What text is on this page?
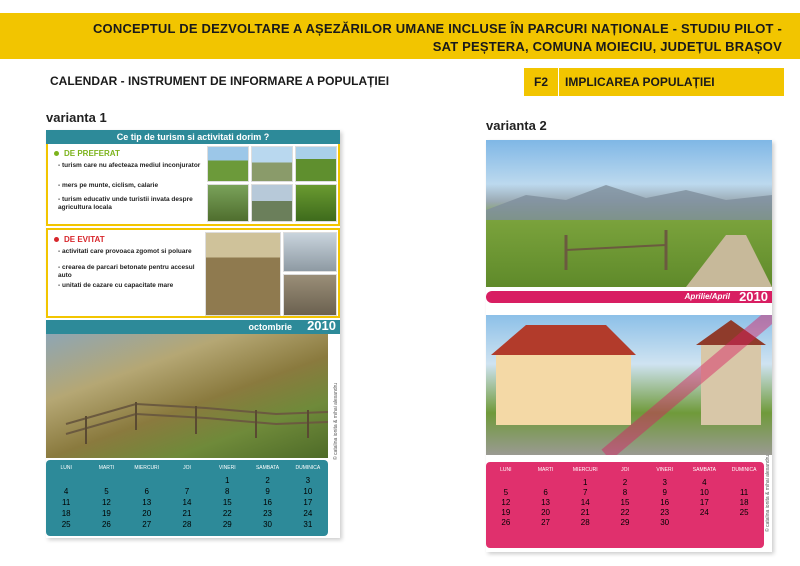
CONCEPTUL DE DEZVOLTARE A AȘEZĂRILOR UMANE INCLUSE ÎN PARCURI NAȚIONALE - STUDIU PILOT -
SAT PEȘTERA, COMUNA MOIECIU, JUDEȚUL BRAȘOV
CALENDAR - INSTRUMENT DE INFORMARE A POPULAȚIEI	F2	IMPLICAREA POPULAȚIEI
varianta 1
Ce tip de turism si activitati dorim ?
DE PREFERAT
- turism care nu afecteaza mediul inconjurator
- mers pe munte, ciclism, calarie
- turism educativ unde turistii invata despre agricultura locala
DE EVITAT
- activitati care provoaca zgomot si poluare
- crearea de parcari betonate pentru accesul auto
- unitati de cazare cu capacitate mare
octombrie 2010
© catalina ionita & mihai alexandru
LUNI	MARTI	MIERCURI	JOI	VINERI	SAMBATA	DUMINICA
				1	2	3
4	5	6	7	8	9	10
11	12	13	14	15	16	17
18	19	20	21	22	23	24
25	26	27	28	29	30	31
varianta 2
Aprilie/April 2010
© catalina ionita & mihai alexandru
LUNI	MARTI	MIERCURI	JOI	VINERI	SAMBATA	DUMINICA
		1	2	3	4	
5	6	7	8	9	10	11
12	13	14	15	16	17	18
19	20	21	22	23	24	25
26	27	28	29	30		
